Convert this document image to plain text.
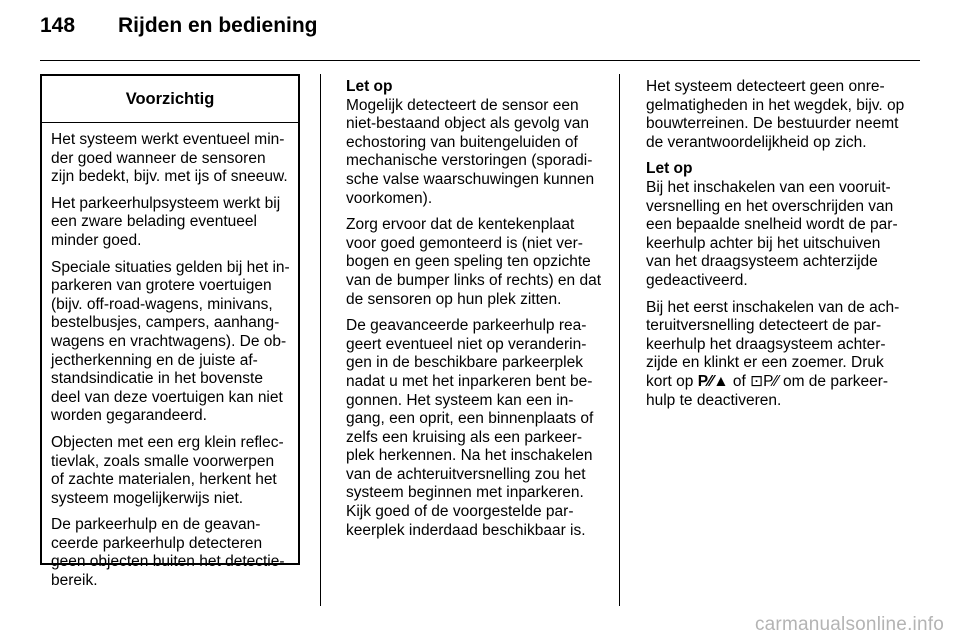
148	Rijden en bediening
Voorzichtig

Het systeem werkt eventueel min-der goed wanneer de sensoren zijn bedekt, bijv. met ijs of sneeuw.

Het parkeerhulpsysteem werkt bij een zware belading eventueel minder goed.

Speciale situaties gelden bij het in-parkeren van grotere voertuigen (bijv. off-road-wagens, minivans, bestelbusjes, campers, aanhang-wagens en vrachtwagens). De ob-jectherkenning en de juiste af-standsindicatie in het bovenste deel van deze voertuigen kan niet worden gegarandeerd.

Objecten met een erg klein reflec-tievlak, zoals smalle voorwerpen of zachte materialen, herkent het systeem mogelijkerwijs niet.

De parkeerhulp en de geavan-ceerde parkeerhulp detecteren geen objecten buiten het detectie-bereik.

Let op
Mogelijk detecteert de sensor een niet-bestaand object als gevolg van echostoring van buitengeluiden of mechanische verstoringen (sporadi-sche valse waarschuwingen kunnen voorkomen).

Zorg ervoor dat de kentekenplaat voor goed gemonteerd is (niet ver-bogen en geen speling ten opzichte van de bumper links of rechts) en dat de sensoren op hun plek zitten.

De geavanceerde parkeerhulp rea-geert eventueel niet op veranderin-gen in de beschikbare parkeerplek nadat u met het inparkeren bent be-gonnen. Het systeem kan een in-gang, een oprit, een binnenplaats of zelfs een kruising als een parkeer-plek herkennen. Na het inschakelen van de achteruitversnelling zou het systeem beginnen met inparkeren. Kijk goed of de voorgestelde par-keerplek inderdaad beschikbaar is.

Het systeem detecteert geen onre-gelmatigheden in het wegdek, bijv. op bouwterreinen. De bestuurder neemt de verantwoordelijkheid op zich.

Let op
Bij het inschakelen van een vooruit-versnelling en het overschrijden van een bepaalde snelheid wordt de par-keerhulp achter bij het uitschuiven van het draagsysteem achterzijde gedeactiveerd.

Bij het eerst inschakelen van de ach-teruitversnelling detecteert de par-keerhulp het draagsysteem achter-zijde en klinkt er een zoemer. Druk kort op P⁄⁄▲ of ⊡P⁄⁄ om de parkeer-hulp te deactiveren.

carmanualsonline.info
